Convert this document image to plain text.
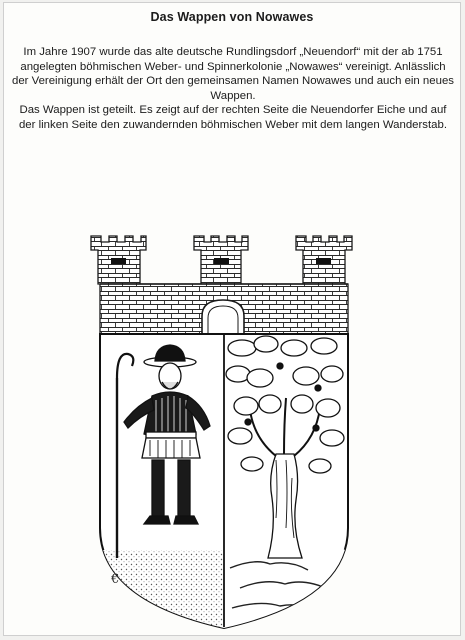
Das Wappen von Nowawes

Im Jahre 1907 wurde das alte deutsche Rundlingsdorf „Neuendorf“ mit der ab 1751 angelegten böhmischen Weber- und Spinnerkolonie „Nowawes“ vereinigt. Anlässlich der Vereinigung erhält der Ort den gemeinsamen Namen Nowawes und auch ein neues Wappen.

Das Wappen ist geteilt. Es zeigt auf der rechten Seite die Neuendorfer Eiche und auf der linken Seite den zuwandernden böhmischen Weber mit dem langen Wanderstab.

€
